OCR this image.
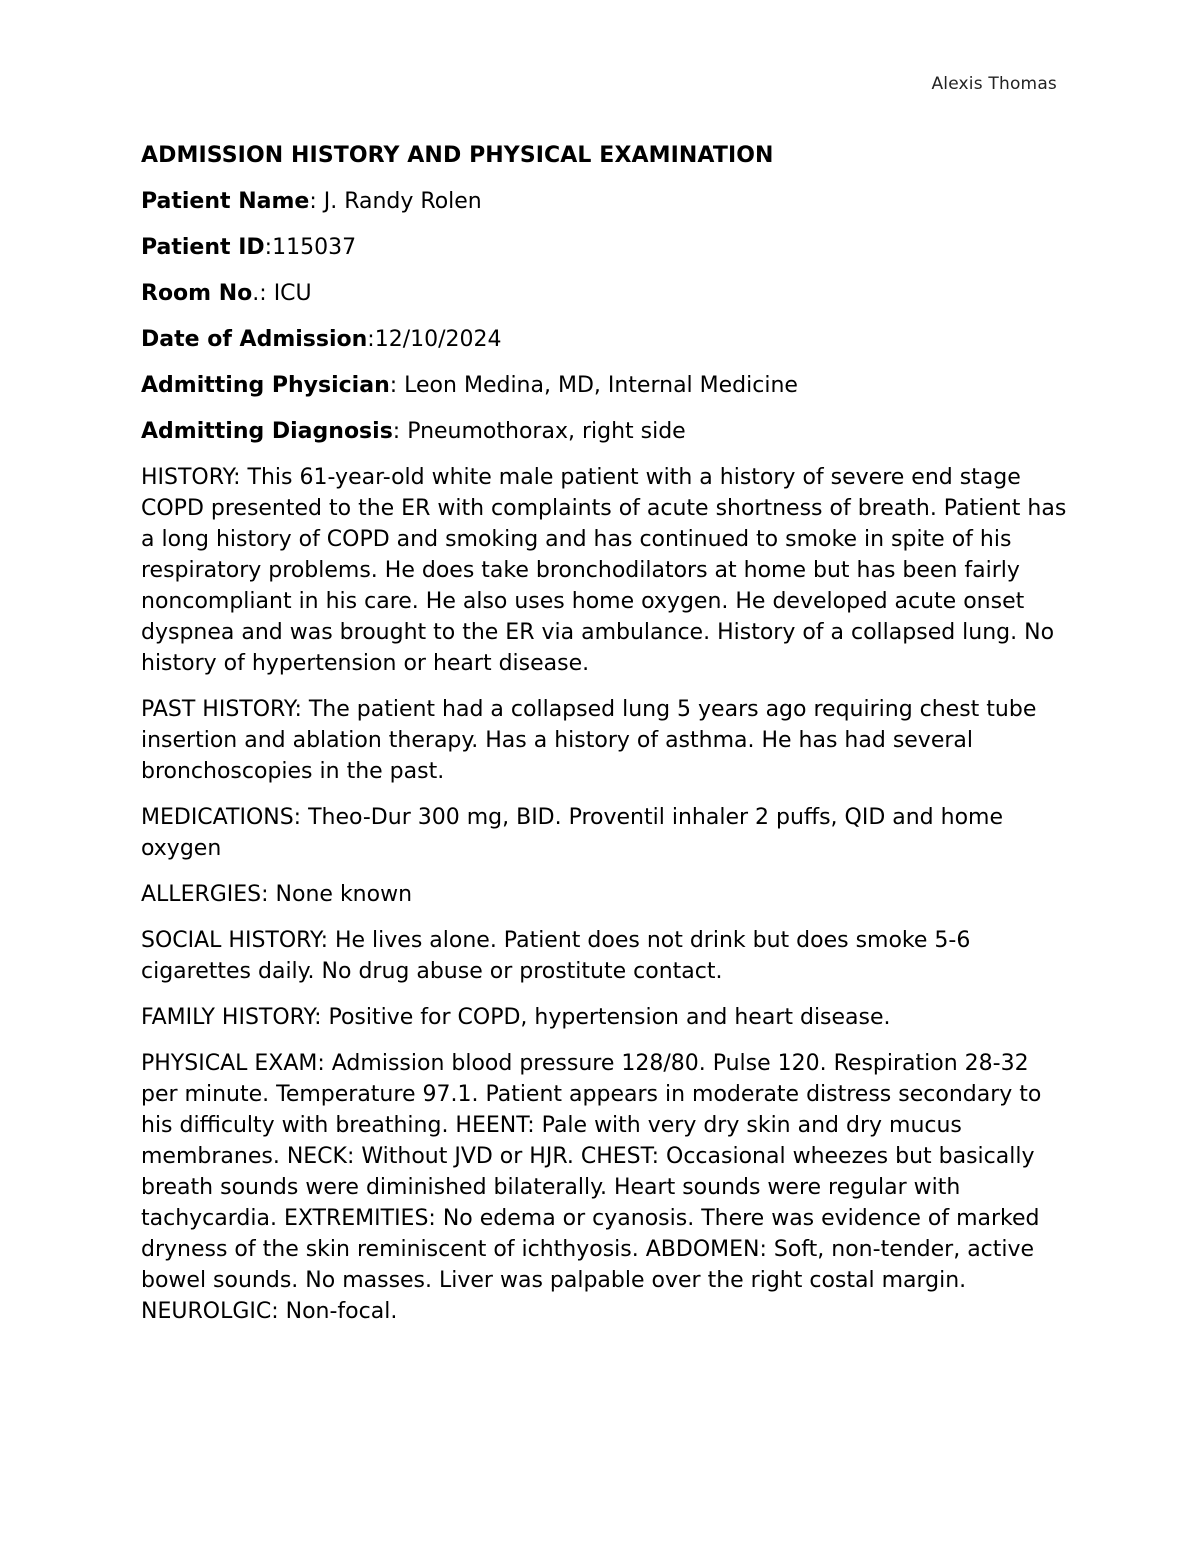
Alexis Thomas
ADMISSION HISTORY AND PHYSICAL EXAMINATION
Patient Name: J. Randy Rolen
Patient ID:115037
Room No.: ICU
Date of Admission:12/10/2024
Admitting Physician: Leon Medina, MD, Internal Medicine
Admitting Diagnosis: Pneumothorax, right side
HISTORY: This 61-year-old white male patient with a history of severe end stage COPD presented to the ER with complaints of acute shortness of breath. Patient has a long history of COPD and smoking and has continued to smoke in spite of his respiratory problems. He does take bronchodilators at home but has been fairly noncompliant in his care. He also uses home oxygen. He developed acute onset dyspnea and was brought to the ER via ambulance. History of a collapsed lung. No history of hypertension or heart disease.
PAST HISTORY: The patient had a collapsed lung 5 years ago requiring chest tube insertion and ablation therapy. Has a history of asthma. He has had several bronchoscopies in the past.
MEDICATIONS: Theo-Dur 300 mg, BID. Proventil inhaler 2 puffs, QID and home oxygen
ALLERGIES: None known
SOCIAL HISTORY: He lives alone. Patient does not drink but does smoke 5-6 cigarettes daily. No drug abuse or prostitute contact.
FAMILY HISTORY: Positive for COPD, hypertension and heart disease.
PHYSICAL EXAM: Admission blood pressure 128/80. Pulse 120. Respiration 28-32 per minute. Temperature 97.1. Patient appears in moderate distress secondary to his difficulty with breathing. HEENT: Pale with very dry skin and dry mucus membranes. NECK: Without JVD or HJR. CHEST: Occasional wheezes but basically breath sounds were diminished bilaterally. Heart sounds were regular with tachycardia. EXTREMITIES: No edema or cyanosis. There was evidence of marked dryness of the skin reminiscent of ichthyosis. ABDOMEN: Soft, non-tender, active bowel sounds. No masses. Liver was palpable over the right costal margin. NEUROLGIC: Non-focal.
